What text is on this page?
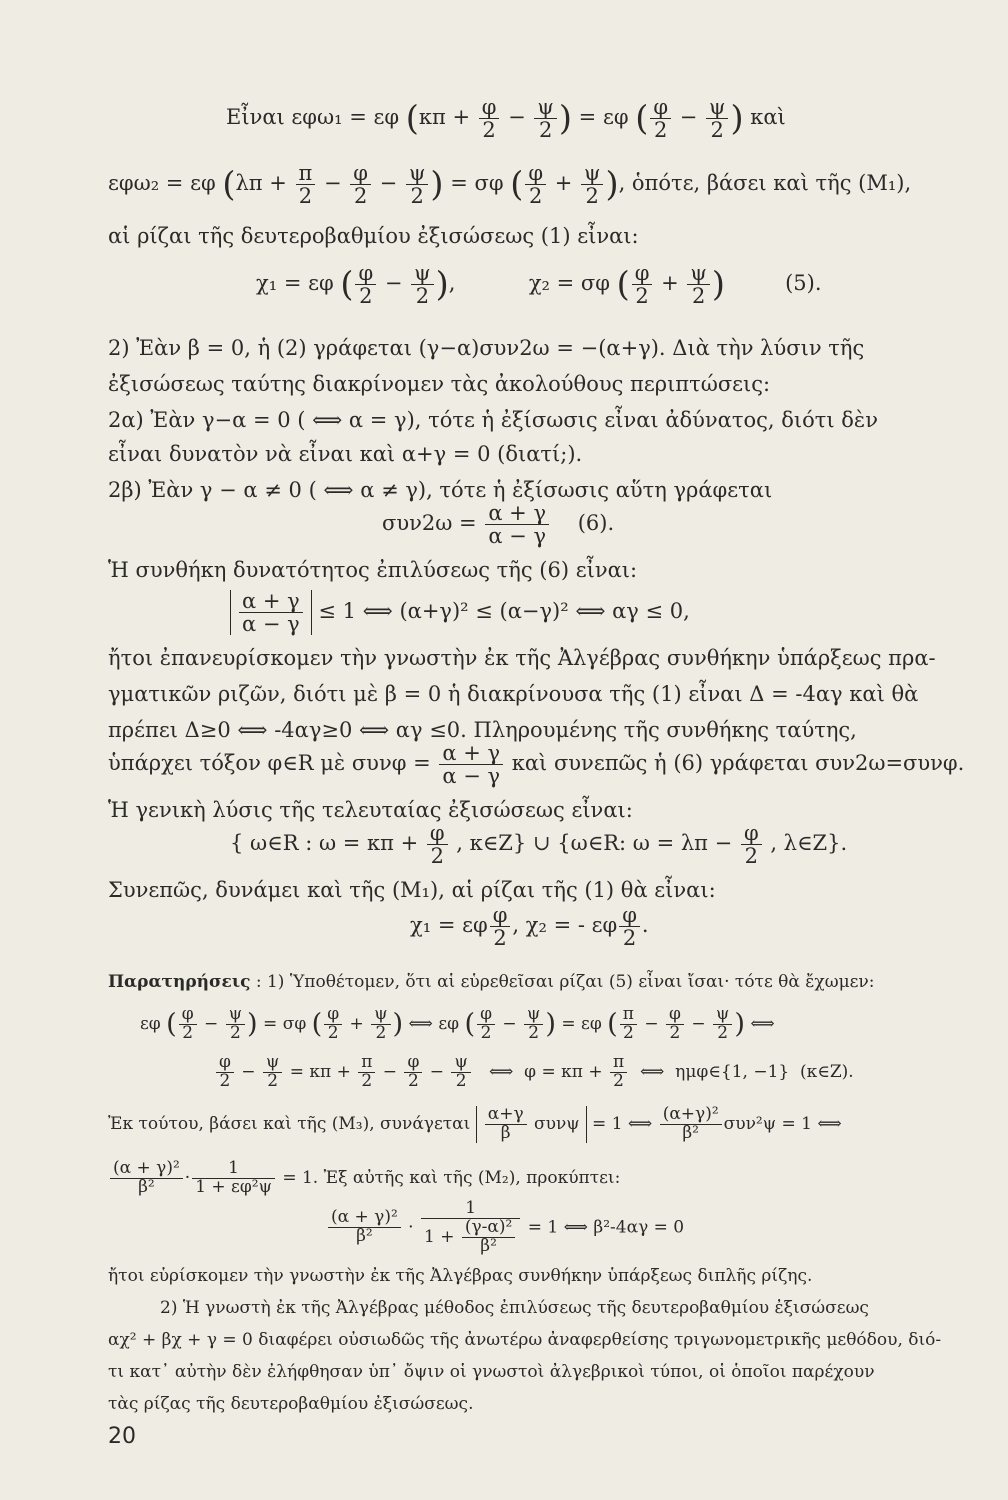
Εἶναι εφω₁ = εφ ($\kappa\pi + \frac{\varphi}{2} - \frac{\psi}{2}$ ) = εφ ( $\frac{\varphi}{2} - \frac{\psi}{2}$ ) καὶ
εφω₂ = εφ ($\lambda\pi + \frac{\pi}{2} - \frac{\varphi}{2} - \frac{\psi}{2}$ ) = σφ ( $\frac{\varphi}{2} + \frac{\psi}{2}$ ), ὁπότε, βάσει καὶ τῆς (Μ₁),
αἱ ρίζαι τῆς δευτεροβαθμίου ἐξισώσεως (1) εἶναι:
χ₁ = εφ ( $\frac{\varphi}{2} - \frac{\psi}{2}$ ),           χ₂ = σφ ( $\frac{\varphi}{2} + \frac{\psi}{2}$ )         (5).
2) Ἐὰν β = 0, ἡ (2) γράφεται (γ−α)συν2ω = −(α+γ). Διὰ τὴν λύσιν τῆς
ἐξισώσεως ταύτης διακρίνομεν τὰς ἀκολούθους περιπτώσεις:
2α) Ἐὰν γ−α = 0 ( ⟺ α = γ), τότε ἡ ἐξίσωσις εἶναι ἀδύνατος, διότι δὲν
εἶναι δυνατὸν νὰ εἶναι καὶ α+γ = 0 (διατί;).
2β) Ἐὰν γ − α ≠ 0 ( ⟺ α ≠ γ), τότε ἡ ἐξίσωσις αὕτη γράφεται
$\sigma\upsilon\nu 2\omega = \frac{\alpha + \gamma}{\alpha - \gamma} (6)$.
Ἡ συνθήκη δυνατότητος ἐπιλύσεως τῆς (6) εἶναι:
$\frac{\alpha + \gamma}{\alpha - \gamma} \le 1$ ⟺ (α+γ)² ≤ (α−γ)² ⟺ αγ ≤ 0,
ἤτοι ἐπανευρίσκομεν τὴν γνωστὴν ἐκ τῆς Ἀλγέβρας συνθήκην ὑπάρξεως πρα-
γματικῶν ριζῶν, διότι μὲ β = 0 ἡ διακρίνουσα τῆς (1) εἶναι Δ = -4αγ καὶ θὰ
πρέπει Δ≥0 ⟺ -4αγ≥0 ⟺ αγ ≤0. Πληρουμένης τῆς συνθήκης ταύτης,
ὑπάρχει τόξον φ∈R μὲ $\sigma\upsilon\nu\varphi = \frac{\alpha + \gamma}{\alpha - \gamma}$ καὶ συνεπῶς ἡ (6) γράφεται συν2ω=συνφ.
Ἡ γενικὴ λύσις τῆς τελευταίας ἐξισώσεως εἶναι:
{ ω∈R : $\omega = \kappa\pi + \frac{\varphi}{2}$ , κ∈Z} ∪ {ω∈R: $\omega = \lambda\pi - \frac{\varphi}{2}$ , λ∈Z}.
Συνεπῶς, δυνάμει καὶ τῆς (Μ₁), αἱ ρίζαι τῆς (1) θὰ εἶναι:
χ₁ = εφ $\frac{\varphi}{2}$ , χ₂ = - εφ $\frac{\varphi}{2}$ .
Παρατηρήσεις : 1) Ὑποθέτομεν, ὅτι αἱ εὑρεθεῖσαι ρίζαι (5) εἶναι ἴσαι· τότε θὰ ἔχωμεν:
εφ ( $\frac{\varphi}{2} - \frac{\psi}{2}$ ) = σφ ( $\frac{\varphi}{2} + \frac{\psi}{2}$ ) ⟺ εφ ( $\frac{\varphi}{2} - \frac{\psi}{2}$ ) = εφ ( $\frac{\pi}{2} - \frac{\varphi}{2} - \frac{\psi}{2}$ ) ⟺
$\frac{\varphi}{2} - \frac{\psi}{2} = \kappa\pi + \frac{\pi}{2} - \frac{\varphi}{2} - \frac{\psi}{2}$ ⟺  $\varphi = \kappa\pi + \frac{\pi}{2}$ ⟺  ημφ∈{1, −1}  (κ∈Z).
Ἐκ τούτου, βάσει καὶ τῆς (Μ₃), συνάγεται $\frac{\alpha+\gamma}{\beta}$ συνψ = 1 ⟺ $\frac{\text{(α+γ)²}}{\text{β²}} \sigma\upsilon\nu^2\psi = 1$ ⟺
$\frac{\text{(α + γ)²}}{\text{β²}} \cdot \frac{1}{\text{1 + εφ²ψ}} = 1$. Ἐξ αὐτῆς καὶ τῆς (Μ₂), προκύπτει:
$\frac{\text{(α + γ)²}}{\text{β²}} \cdot \frac{1}{1 + \frac{\text{(γ-α)²}}{\text{β²}}} = 1$ ⟺ β²-4αγ = 0
ἤτοι εὑρίσκομεν τὴν γνωστὴν ἐκ τῆς Ἀλγέβρας συνθήκην ὑπάρξεως διπλῆς ρίζης.
2) Ἡ γνωστὴ ἐκ τῆς Ἀλγέβρας μέθοδος ἐπιλύσεως τῆς δευτεροβαθμίου ἐξισώσεως
αχ² + βχ + γ = 0 διαφέρει οὐσιωδῶς τῆς ἀνωτέρω ἀναφερθείσης τριγωνομετρικῆς μεθόδου, διό-
τι κατ᾽ αὐτὴν δὲν ἐλήφθησαν ὑπ᾽ ὄψιν οἱ γνωστοὶ ἀλγεβρικοὶ τύποι, οἱ ὁποῖοι παρέχουν
τὰς ρίζας τῆς δευτεροβαθμίου ἐξισώσεως.
20
